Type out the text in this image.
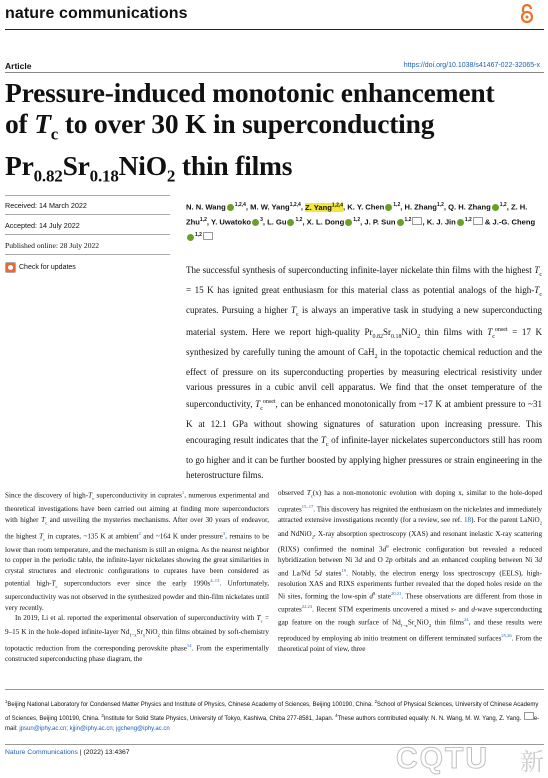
nature communications
Article	https://doi.org/10.1038/s41467-022-32065-x
Pressure-induced monotonic enhancement
of $T_c$ to over 30 K in superconducting
$Pr_{0.82}Sr_{0.18}NiO_2$ thin films
Received: 14 March 2022
Accepted: 14 July 2022
Published online: 28 July 2022
Check for updates
N. N. Wang $^{1,2,4}$, M. W. Yang$^{1,2,4}$, Z. Yang$^{1,2,4}$, K. Y. Chen $^{1,2}$, H. Zhang$^{1,2}$, Q. H. Zhang $^{1,2}$, Z. H. Zhu$^{1,2}$, Y. Uwatoko $^3$, L. Gu $^{1,2}$, X. L. Dong $^{1,2}$, J. P. Sun $^{1,2}$ , K. J. Jin $^{1,2}$ & J.-G. Cheng$^{1,2}$
The successful synthesis of superconducting infinite-layer nickelate thin films with the highest $T_c = 15$ K has ignited great enthusiasm for this material class as potential analogs of the high-$T_c$ cuprates. Pursuing a higher $T_c$ is always an imperative task in studying a new superconducting material system. Here we report high-quality $Pr_{0.82}Sr_{0.18}NiO_2$ thin films with $T_c^{onset} = 17$ K synthesized by carefully tuning the amount of CaH$_2$ in the topotactic chemical reduction and the effect of pressure on its superconducting properties by measuring electrical resistivity under various pressures in a cubic anvil cell apparatus. We find that the onset temperature of the superconductivity, $T_c^{onset}$, can be enhanced monotonically from ~17 K at ambient pressure to ~31 K at 12.1 GPa without showing signatures of saturation upon increasing pressure. This encouraging result indicates that the $T_c$ of infinite-layer nickelates superconductors still has room to go higher and it can be further boosted by applying higher pressures or strain engineering in the heterostructure films.
Since the discovery of high-$T_c$ superconductivity in cuprates$^1$, numerous experimental and theoretical investigations have been carried out aiming at finding more superconductors with higher $T_c$ and unveiling the mysteries mechanisms. After over 30 years of endeavor, the highest $T_c$ in cuprates, ~135 K at ambient$^2$ and ~164 K under pressure$^3$, remains to be lower than room temperature, and the mechanism is still an enigma. As the nearest neighbor to copper in the periodic table, the infinite-layer nickelates showing the great similarities in crystal structures and electronic configurations to cuprates have been considered as potential high-$T_c$ superconductors ever since the early 1990s$^{4-13}$. Unfortunately, superconductivity was not observed in the synthesized powder and thin-film nickelates until very recently.
In 2019, Li et al. reported the experimental observation of superconductivity with $T_c = 9-15$ K in the hole-doped infinite-layer $Nd_{1-x}Sr_xNiO_2$ thin films obtained by soft-chemistry topotactic reduction from the corresponding perovskite phase$^{14}$. From the experimentally constructed superconducting phase diagram, the
observed $T_c(x)$ has a non-monotonic evolution with doping x, similar to the hole-doped cuprates$^{15-17}$. This discovery has reignited the enthusiasm on the nickelates and immediately attracted extensive investigations recently (for a review, see ref. 18). For the parent LaNiO$_2$ and NdNiO$_2$, X-ray absorption spectroscopy (XAS) and resonant inelastic X-ray scattering (RIXS) confirmed the nominal $3d^9$ electronic configuration but revealed a reduced hybridization between Ni 3d and O 2p orbitals and an enhanced coupling between Ni 3d and La/Nd 5d states$^{19}$. Notably, the electron energy loss spectroscopy (EELS), high-resolution XAS and RIXS experiments further revealed that the doped holes reside on the Ni sites, forming the low-spin $d^8$ state$^{20,21}$. These observations are different from those in cuprates$^{22,23}$. Recent STM experiments uncovered a mixed s- and d-wave superconducting gap feature on the rough surface of $Nd_{1-x}Sr_xNiO_2$ thin films$^{24}$, and these results were reproduced by employing ab initio treatment on different terminated surfaces$^{25,26}$. From the theoretical point of view, three
$^1$Beijing National Laboratory for Condensed Matter Physics and Institute of Physics, Chinese Academy of Sciences, Beijing 100190, China. $^2$School of Physical Sciences, University of Chinese Academy of Sciences, Beijing 100190, China. $^3$Institute for Solid State Physics, University of Tokyo, Kashiwa, Chiba 277-8581, Japan. $^4$These authors contributed equally: N. N. Wang, M. W. Yang, Z. Yang. e-mail: jpsun@iphy.ac.cn; kjjin@iphy.ac.cn; jgcheng@iphy.ac.cn
Nature Communications | (2022) 13:4367	CQTU 新
